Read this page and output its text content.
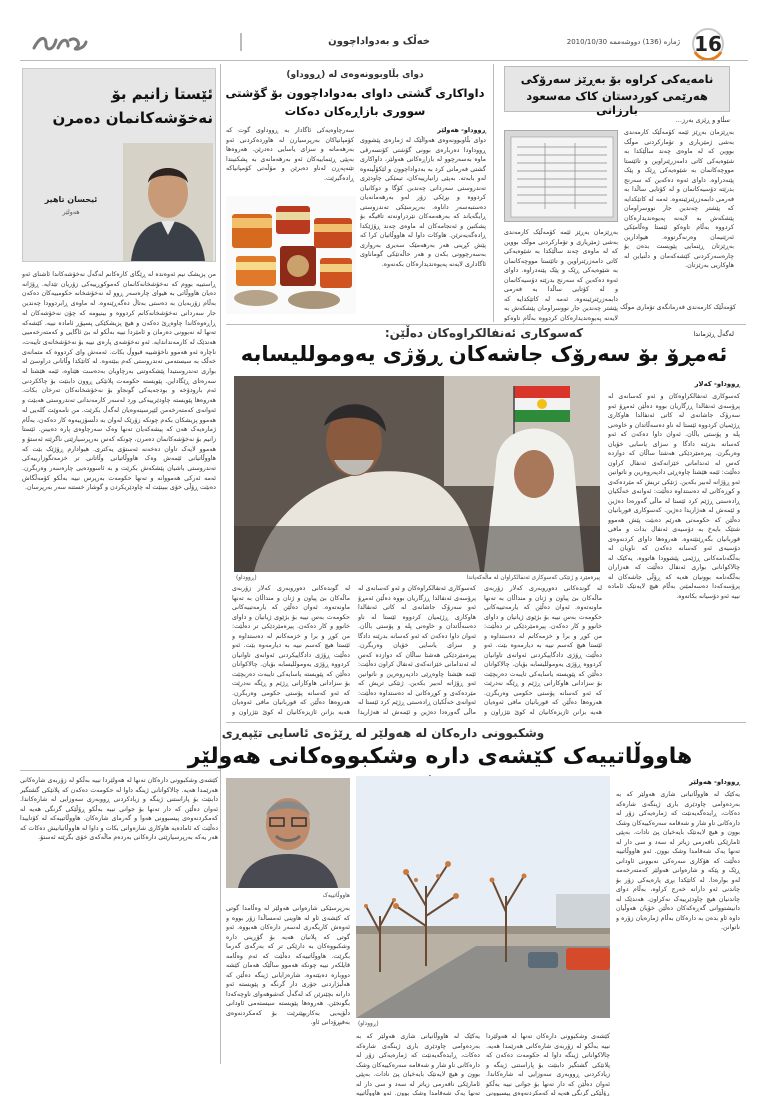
خەڵک و بەدواداچوون	ژماره (136) دووشه‌ممه 2010/10/30 16
نامەیەکی کراوە بۆ بەڕێز سەرۆکی
هەرێمی کوردستان کاک مەسعود بارزانی
سڵاو و ڕێزی بەرز...
بەڕێزمان بەڕێز ئێمە کۆمەڵێک کارمەندی بەشی ژمێریاری و تۆمارکردنی موڵک بووین کە لە ماوەی چەند ساڵێکدا بە شێوەیەکی کاتی دامەزرێنراوین و تائێستا مووچەکانمان بە شێوەیەکی ڕێک و پێک پێنەدراوە. داوای ئەوە دەکەین کە سەرنج بدرێتە دۆسیەکانمان و لە کۆتایی ساڵدا بە فەرمی دابمەزرێنرێینەوە. ئەمە لە کاتێکدایە کە پێشتر چەندین جار نووسراومان پێشکەش بە لایەنە پەیوەندیدارەکان کردووە بەڵام تاوەکو ئێستا وەڵامێکی ئەرێنیمان وەرنەگرتووە. هیوادارین بەڕێزتان ڕێنمایی پێویست بدەن بۆ چارەسەرکردنی کێشەکەمان و دڵنیاین لە هاوکاریی بەرێزتان.
بەڕێزمان بەڕێز ئێمە کۆمەڵێک کارمەندی بەشی ژمێریاری و تۆمارکردنی موڵک بووین کە لە ماوەی چەند ساڵێکدا بە شێوەیەکی کاتی دامەزرێنراوین و تائێستا مووچەکانمان بە شێوەیەکی ڕێک و پێک پێنەدراوە. داوای ئەوە دەکەین کە سەرنج بدرێتە دۆسیەکانمان و لە کۆتایی ساڵدا بە فەرمی دابمەزرێنرێینەوە. ئەمە لە کاتێکدایە کە پێشتر چەندین جار نووسراومان پێشکەش بە لایەنە پەیوەندیدارەکان کردووە بەڵام تاوەکو
لەگەڵ ڕێزماندا
کۆمەڵێک کارمەندی فەرمانگەی تۆماری موڵک
دوای بڵاوبوونەوەی لە (ڕووداو)
داواکاری گشتی داوای بەدواداچوون بۆ گۆشتی
سووری بازاڕەکان دەکات
ڕووداو- هەولێر
دوای بڵاوبوونەوەی هەواڵێک لە ژمارەی پێشووی ڕووداودا دەربارەی بوونی گۆشتی کۆنسەرڤی ماوە بەسەرچوو لە بازاڕەکانی هەولێر، داواکاری گشتی فەرمانی کرد بە بەدواداچوون و لێکۆڵینەوە لەو بابەتە. بەپێی زانیارییەکان، تیمێکی چاودێری تەندروستی سەردانی چەندین کۆگا و دوکانیان کردووە و بڕێکی زۆر لەو بەرهەمانەیان دەستبەسەر داناوە. بەرپرسێکی تەندروستی ڕایگەیاند کە بەرهەمەکان نێردراونەتە تاقیگە بۆ پشکنین و ئەنجامەکان لە ماوەی چەند ڕۆژێکدا ڕادەگەیەنرێن. هاوکات داوا لە هاووڵاتیان کرا کە پێش کڕینی هەر بەرهەمێک سەیری بەرواری بەسەرچوونی بکەن و هەر حاڵەتێکی گوماناوی ئاگاداری لایەنە پەیوەندیدارەکان بکەنەوە.
سەرچاوەیەکی ئاگادار بە ڕووداوی گوت کە کۆمپانیاکان بەرپرسیارن لە هاوردەکردنی ئەو بەرهەمانە و سزای یاسایی دەدرێن. هەروەها بەپێی ڕێنماییەکان ئەو بەرهەمانەی بە پشکنیندا تێنەپەڕن لەناو دەبرێن و مۆڵەتی کۆمپانیاکە ڕادەگیرێت.
ئێستا زانیم بۆ
نەخۆشەکانمان دەمرن
ئیحسان تاهیر
هەولێر
من پزیشک نیم ئەوەندە لە ڕێگای کارەکانم لەگەڵ نەخۆشەکاندا ئاشنای ئەو ڕاستییە بووم کە نەخۆشخانەکانمان کەموکوڕییەکی زۆریان تێدایە. ڕۆژانە دەیان هاووڵاتی بە هیوای چارەسەر ڕوو لە نەخۆشخانە حکومییەکان دەکەن بەڵام زۆربەیان بە دەستی بەتاڵ دەگەڕێنەوە. لە ماوەی ڕابردوودا چەندین جار سەردانی نەخۆشخانەکانم کردووە و بینیومە کە چۆن نەخۆشەکان لە ڕاڕەوەکاندا چاوەڕێ دەکەن و هیچ پزیشکێکی پسپۆڕ ئامادە نییە. کێشەکە تەنها لە نەبوونی دەرمان و ئامێردا نییە بەڵکو لە بێ ئاگایی و کەمتەرخەمیی هەندێک لە کارمەنداندایە. ئەو نەخۆشەی پارەی نییە بۆ نەخۆشخانەی تایبەت، ناچارە ئەو هەموو ناخۆشییە قبووڵ بکات. ئەمەش وای کردووە کە متمانەی خەڵک بە سیستەمی تەندروستی کەم ببێتەوە. لە کاتێکدا وڵاتانی دراوسێ لە بواری تەندروستیدا پێشکەوتنی بەرچاویان بەدەست هێناوە، ئێمە هێشتا لە سەرەتای ڕێگاداین. پێویستە حکومەت پلانێکی ڕوون دابنێت بۆ چاککردنی ئەم بارودۆخە و بودجەیەکی گونجاو بۆ نەخۆشخانەکان تەرخان بکات. هەروەها پێویستە چاودێرییەکی ورد لەسەر کارمەندانی تەندروستی هەبێت و ئەوانەی کەمتەرخەمن لێپرسینەوەیان لەگەڵ بکرێت. من نامەوێت گلەیی لە هەموو پزیشکان بکەم چونکە زۆرێک لەوان بە دڵسۆزییەوە کار دەکەن، بەڵام ژمارەیەک هەن کە پیشەکەیان تەنها وەک سەرچاوەی پارە دەبینن. ئێستا زانیم بۆ نەخۆشەکانمان دەمرن، چونکە کەس بەرپرسیارێتی ناگرێتە ئەستۆ و هەموو لایەک تاوان دەخەنە ئەستۆی یەکتری. هیوادارم ڕۆژێک بێت کە هاووڵاتیانی ئێمەش وەک هاووڵاتیانی وڵاتانی تر خزمەتگوزارییەکی تەندروستی باشیان پێشکەش بکرێت و بە ئاسوودەیی چارەسەر وەربگرن. ئەمە ئەرکی هەمووانە و تەنها حکومەت بەرپرس نییە بەڵکو کۆمەڵگاش دەبێت ڕۆڵی خۆی ببینێت لە چاودێریکردن و گوشار خستنە سەر بەرپرسان.
کەسوکاری ئەنفالکراوەکان دەڵێن:
ئەمڕۆ بۆ سەرۆک جاشەکان ڕۆژی یەوموللیسابە
پیرەمێرد و ژنێکی کەسوکاری ئەنفالکراوان لە ماڵەکەیاندا
(ڕووداو)
ڕووداو- کەلار
کەسوکاری ئەنفالکراوەکان و ئەو کەسانەی لە پرۆسەی ئەنفالدا ڕزگاریان بووە دەڵێن ئەمڕۆ ئەو سەرۆک جاشانەی لە کاتی ئەنفالدا هاوکاری ڕژێمیان کردووە ئێستا لە ناو دەسەڵاتدان و خاوەنی پلە و پۆستی باڵان. ئەوان داوا دەکەن کە ئەو کەسانە بدرێنە دادگا و سزای یاسایی خۆیان وەربگرن. پیرەمێردێکی هەشتا ساڵان کە دوازدە کەس لە ئەندامانی خێزانەکەی ئەنفال کراون دەڵێت: ئێمە هێشتا چاوەڕێی دادپەروەرین و ناتوانین ئەو ڕۆژانە لەبیر بکەین. ژنێکی تریش کە مێردەکەی و کوڕەکانی لە دەستداوە دەڵێت: ئەوانەی خەڵکیان ڕادەستی ڕژێم کرد ئێستا لە ماڵی گەورەدا دەژین و ئێمەش لە هەژاریدا دەژین. کەسوکاری قوربانیان دەڵێن کە حکومەتی هەرێم دەبێت پێش هەموو شتێک بایەخ بە دۆسیەی ئەنفال بدات و مافی قوربانیان بگەڕێنێتەوە. هەروەها داوای کردنەوەی دۆسیەی ئەو کەسانە دەکەن کە ناویان لە بەڵگەنامەکانی ڕژێمی پێشوودا هاتووە. یەکێک لە چالاکوانانی بواری ئەنفال دەڵێت کە هەزاران بەڵگەنامە بوونیان هەیە کە ڕۆڵی جاشەکان لە پرۆسەکەدا دەسەلمێنن بەڵام هیچ لایەنێک ئامادە نییە ئەو دۆسیانە بکاتەوە.
لە گوندەکانی دەوروبەری کەلار زۆربەی ماڵەکان بێ پیاون و ژنان و منداڵان بە تەنها ماونەتەوە. ئەوان دەڵێن کە یارمەتییەکانی حکومەت بەس نییە بۆ بژێوی ژیانیان و داوای خانوو و کار دەکەن. پیرەمێردێکی تر دەڵێت: من کوڕ و برا و خزمەکانم لە دەستداوە و ئێستا هیچ کەسم نییە بە دیارمەوە بێت. ئەو دەڵێت ڕۆژی دادگاییکردنی ئەوانەی تاوانیان کردووە ڕۆژی یەوموللیسابە بۆیان. چالاکوانان دەڵێن کە پێویستە یاسایەکی تایبەت دەربچێت بۆ سزادانی هاوکارانی ڕژێم و ڕێگە نەدرێت کە ئەو کەسانە پۆستی حکومی وەربگرن. هەروەها دەڵێن کە قوربانیان مافی ئەوەیان هەیە بزانن ئازیزەکانیان لە کوێ نێژراون و
کەسوکاری ئەنفالکراوەکان و ئەو کەسانەی لە پرۆسەی ئەنفالدا ڕزگاریان بووە دەڵێن ئەمڕۆ ئەو سەرۆک جاشانەی لە کاتی ئەنفالدا هاوکاری ڕژێمیان کردووە ئێستا لە ناو دەسەڵاتدان و خاوەنی پلە و پۆستی باڵان. ئەوان داوا دەکەن کە ئەو کەسانە بدرێنە دادگا و سزای یاسایی خۆیان وەربگرن. پیرەمێردێکی هەشتا ساڵان کە دوازدە کەس لە ئەندامانی خێزانەکەی ئەنفال کراون دەڵێت: ئێمە هێشتا چاوەڕێی دادپەروەرین و ناتوانین ئەو ڕۆژانە لەبیر بکەین. ژنێکی تریش کە مێردەکەی و کوڕەکانی لە دەستداوە دەڵێت: ئەوانەی خەڵکیان ڕادەستی ڕژێم کرد ئێستا لە ماڵی گەورەدا دەژین و ئێمەش لە هەژاریدا
لە گوندەکانی دەوروبەری کەلار زۆربەی ماڵەکان بێ پیاون و ژنان و منداڵان بە تەنها ماونەتەوە. ئەوان دەڵێن کە یارمەتییەکانی حکومەت بەس نییە بۆ بژێوی ژیانیان و داوای خانوو و کار دەکەن. پیرەمێردێکی تر دەڵێت: من کوڕ و برا و خزمەکانم لە دەستداوە و ئێستا هیچ کەسم نییە بە دیارمەوە بێت. ئەو دەڵێت ڕۆژی دادگاییکردنی ئەوانەی تاوانیان کردووە ڕۆژی یەوموللیسابە بۆیان. چالاکوانان دەڵێن کە پێویستە یاسایەکی تایبەت دەربچێت بۆ سزادانی هاوکارانی ڕژێم و ڕێگە نەدرێت کە ئەو کەسانە پۆستی حکومی وەربگرن. هەروەها دەڵێن کە قوربانیان مافی ئەوەیان هەیە بزانن ئازیزەکانیان لە کوێ نێژراون و
وشکبوونی دارەکان لە هەولێر لە ڕێژەی ئاسایی تێپەڕی
هاووڵاتییەک کێشەی دارە وشکبووەکانی هەولێر
ڕووداو- هەولێر
یەکێک لە هاووڵاتیانی شاری هەولێر کە بە بەردەوامی چاودێری باری ژینگەی شارەکە دەکات، ڕایدەگەیەنێت کە ژمارەیەکی زۆر لە دارەکانی ناو شار و شەقامە سەرەکییەکان وشک بوون و هیچ لایەنێک بایەخیان پێ نادات. بەپێی ئامارێکی نافەرمی زیاتر لە سەد و سی دار لە تەنها یەک شەقامدا وشک بوون. ئەو هاووڵاتییە دەڵێت کە هۆکاری سەرەکی نەبوونی ئاودانی ڕێک و پێکە و شارەوانی هەولێر کەمتەرخەمە لەو بوارەدا. لە کاتێکدا بڕی پارەیەکی زۆر بۆ چاندنی ئەو دارانە خەرج کراوە، بەڵام دوای چاندنیان هیچ چاودێرییەک نەکراون. هەندێک لە دانیشتووانی گەڕەکەکان دەڵێن خۆیان هەوڵیان داوە ئاو بدەن بە دارەکان بەڵام ژمارەیان زۆرە و ناتوانن.
(ڕووداو)
هاووڵاتییەک
بەرپرسێکی شارەوانی هەولێر لە وەڵامدا گوتی کە کێشەی ئاو لە هاوینی ئەمساڵدا زۆر بووە و ئەوەش کاریگەری لەسەر دارەکان هەبووە. ئەو گوتی کە پلانیان هەیە بۆ گۆڕینی دارە وشکبووەکان بە دارێکی تر کە بەرگەی گەرما بگرێت. هاووڵاتییەکە دەڵێت کە ئەم وەڵامە قایلکەر نییە چونکە هەموو ساڵێک هەمان کێشە دووبارە دەبێتەوە. شارەزایانی ژینگە دەڵێن کە هەڵبژاردنی جۆری دار گرنگە و پێویستە ئەو دارانە بچێنرێن کە لەگەڵ کەشوهەوای ناوچەکەدا بگونجێن. هەروەها پێویستە سیستەمی ئاودانی دڵۆپەیی بەکاربهێنرێت بۆ کەمکردنەوەی بەفیڕۆدانی ئاو.
یەکێک لە هاووڵاتیانی شاری هەولێر کە بە بەردەوامی چاودێری باری ژینگەی شارەکە دەکات، ڕایدەگەیەنێت کە ژمارەیەکی زۆر لە دارەکانی ناو شار و شەقامە سەرەکییەکان وشک بوون و هیچ لایەنێک بایەخیان پێ نادات. بەپێی ئامارێکی نافەرمی زیاتر لە سەد و سی دار لە تەنها یەک شەقامدا وشک بوون. ئەو هاووڵاتییە
کێشەی وشکبوونی دارەکان تەنها لە هەولێردا نییە بەڵکو لە زۆربەی شارەکانی هەرێمدا هەیە. چالاکوانانی ژینگە داوا لە حکومەت دەکەن کە پلانێکی گشتگیر دابنێت بۆ پاراستنی ژینگە و زیادکردنی ڕووبەری سەوزایی لە شارەکاندا. ئەوان دەڵێن کە دار تەنها بۆ جوانی نییە بەڵکو ڕۆڵێکی گرنگی هەیە لە کەمکردنەوەی پیسبوونی
کێشەی وشکبوونی دارەکان تەنها لە هەولێردا نییە بەڵکو لە زۆربەی شارەکانی هەرێمدا هەیە. چالاکوانانی ژینگە داوا لە حکومەت دەکەن کە پلانێکی گشتگیر دابنێت بۆ پاراستنی ژینگە و زیادکردنی ڕووبەری سەوزایی لە شارەکاندا. ئەوان دەڵێن کە دار تەنها بۆ جوانی نییە بەڵکو ڕۆڵێکی گرنگی هەیە لە کەمکردنەوەی پیسبوونی هەوا و گەرمای شارەکان. هاووڵاتییەکە لە کۆتاییدا دەڵێت کە ئامادەیە هاوکاری شارەوانی بکات و داوا لە هاووڵاتیانیش دەکات کە هەر یەکە بەرپرسیارێتی دارەکانی بەردەم ماڵەکەی خۆی بگرێتە ئەستۆ.
